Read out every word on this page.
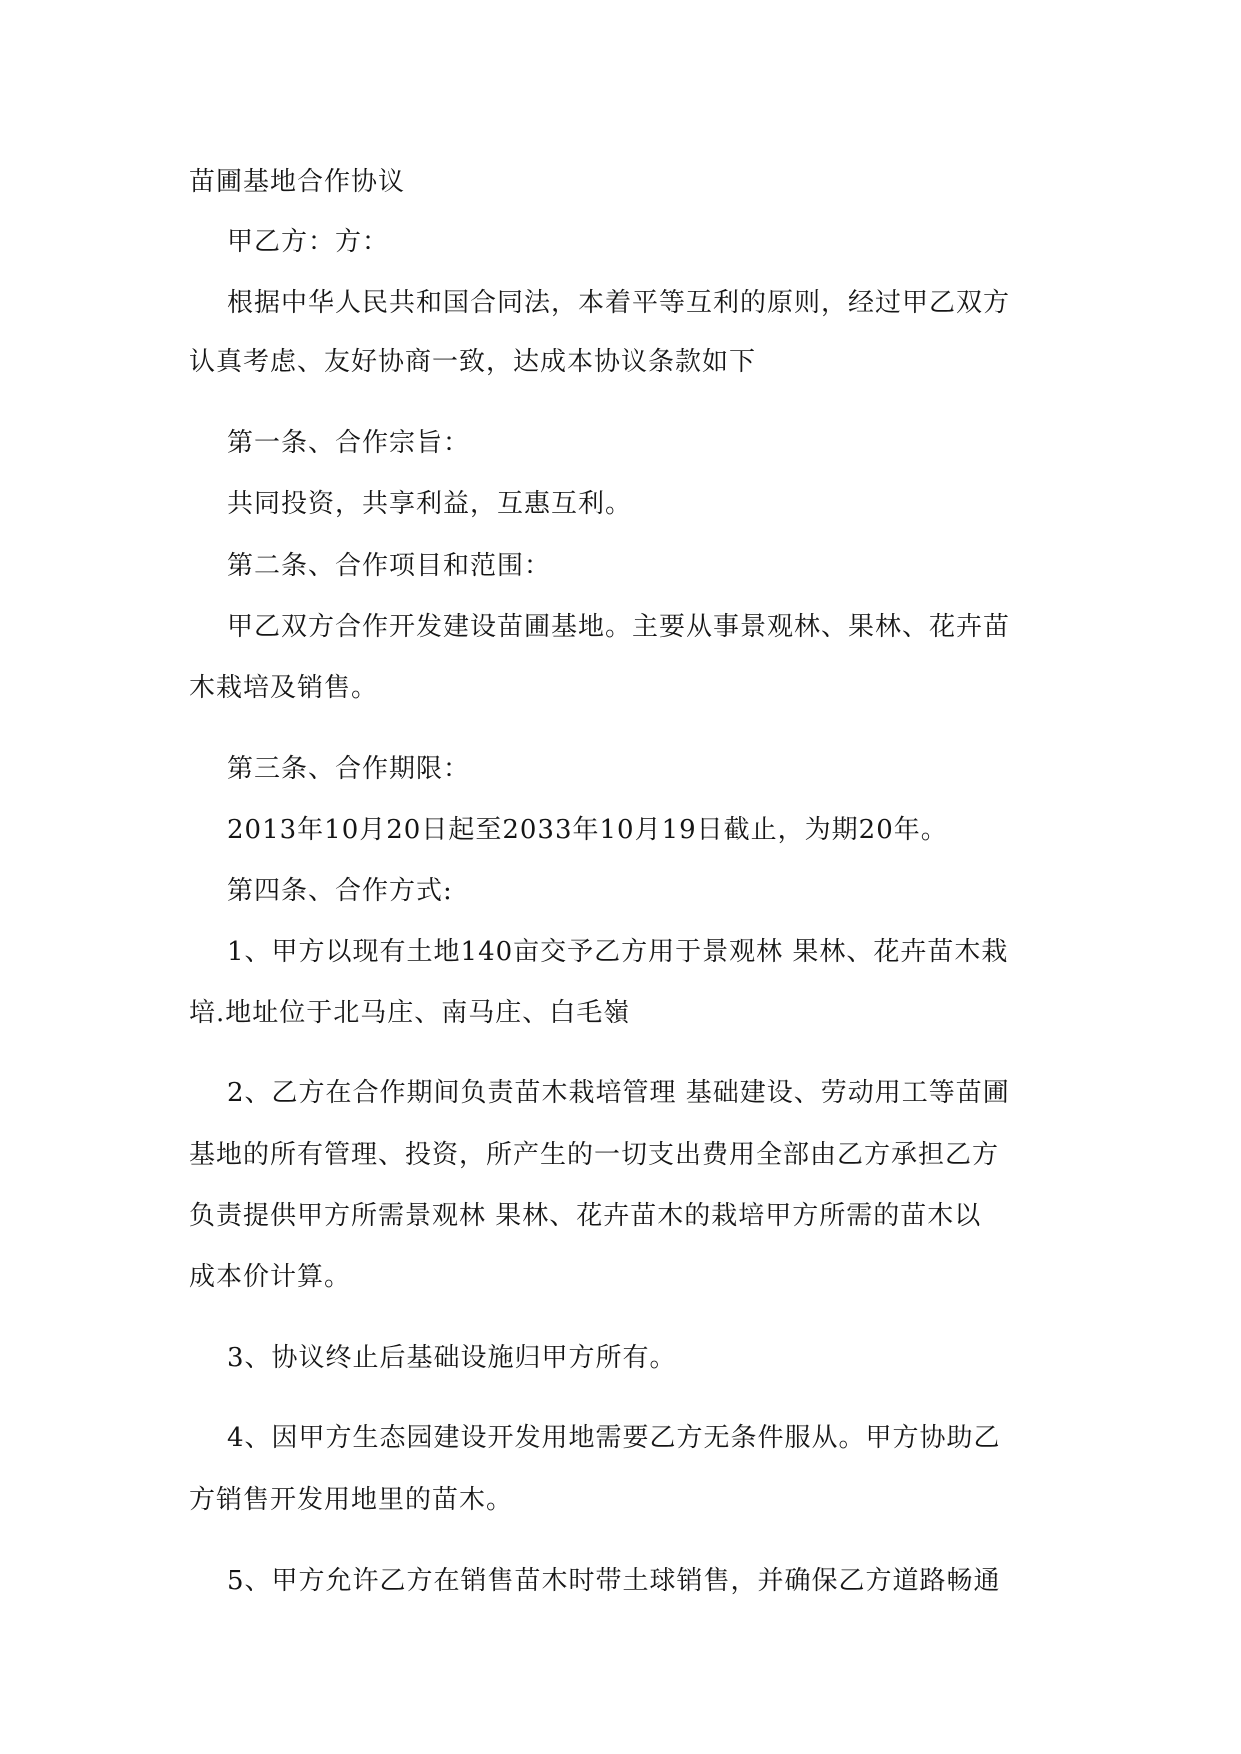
苗圃基地合作协议
甲乙方：方：
根据中华人民共和国合同法，本着平等互利的原则，经过甲乙双方
认真考虑、友好协商一致，达成本协议条款如下
第一条、合作宗旨：
共同投资，共享利益，互惠互利。
第二条、合作项目和范围：
甲乙双方合作开发建设苗圃基地。主要从事景观林、果林、花卉苗
木栽培及销售。
第三条、合作期限：
2013年10月20日起至2033年10月19日截止，为期20年。
第四条、合作方式:
1、甲方以现有土地140亩交予乙方用于景观林 果林、花卉苗木栽
培.地址位于北马庄、南马庄、白毛嶺
2、乙方在合作期间负责苗木栽培管理 基础建设、劳动用工等苗圃
基地的所有管理、投资，所产生的一切支出费用全部由乙方承担乙方
负责提供甲方所需景观林 果林、花卉苗木的栽培甲方所需的苗木以
成本价计算。
3、协议终止后基础设施归甲方所有。
4、因甲方生态园建设开发用地需要乙方无条件服从。甲方协助乙
方销售开发用地里的苗木。
5、甲方允许乙方在销售苗木时带土球销售，并确保乙方道路畅通
